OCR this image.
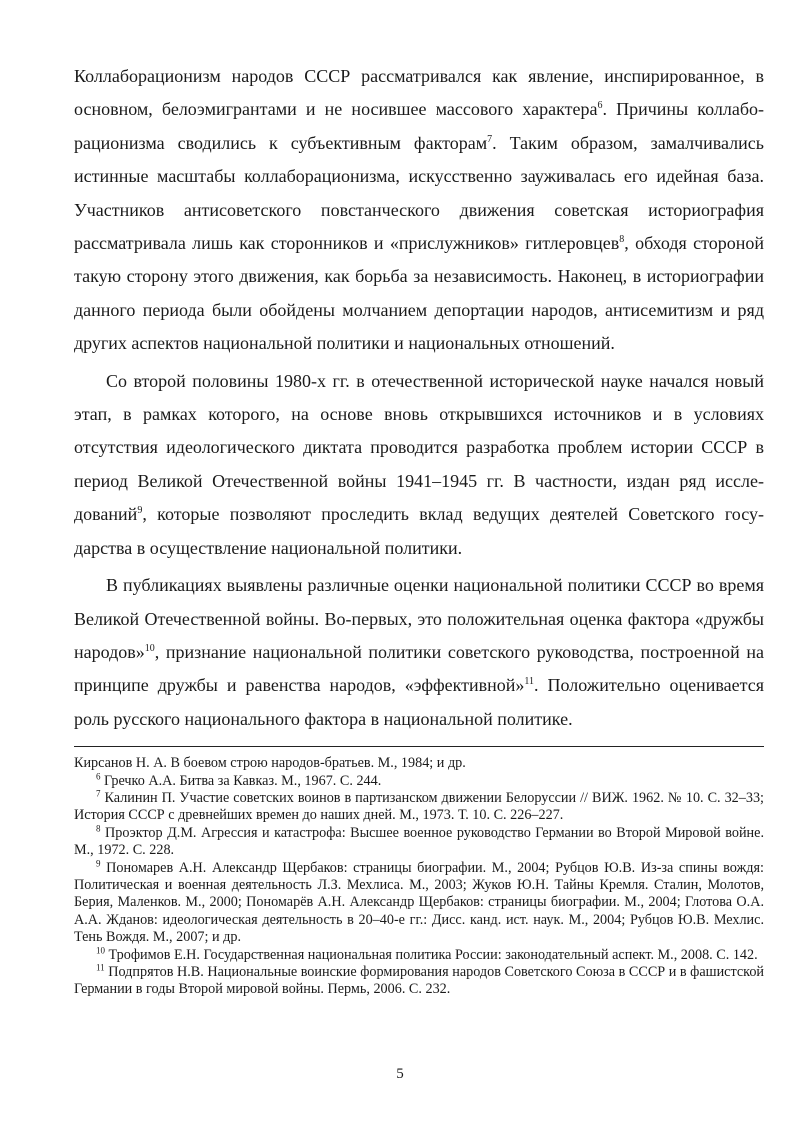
Коллаборационизм народов СССР рассматривался как явление, инспирированное, в основном, белоэмигрантами и не носившее массового характера$^6$. Причины коллаборационизма сводились к субъективным факторам$^7$. Таким образом, замалчивались истинные масштабы коллаборационизма, искусственно зауживалась его идейная база. Участников антисоветского повстанческого движения советская историография рассматривала лишь как сторонников и «прислужников» гитлеровцев$^8$, обходя стороной такую сторону этого движения, как борьба за независимость. Наконец, в историографии данного периода были обойдены молчанием депортации народов, антисемитизм и ряд других аспектов национальной политики и национальных отношений.

Со второй половины 1980-х гг. в отечественной исторической науке начался новый этап, в рамках которого, на основе вновь открывшихся источников и в условиях отсутствия идеологического диктата проводится разработка проблем истории СССР в период Великой Отечественной войны 1941–1945 гг. В частности, издан ряд исследований$^9$, которые позволяют проследить вклад ведущих деятелей Советского государства в осуществление национальной политики.

В публикациях выявлены различные оценки национальной политики СССР во время Великой Отечественной войны. Во-первых, это положительная оценка фактора «дружбы народов»$^{10}$, признание национальной политики советского руководства, построенной на принципе дружбы и равенства народов, «эффективной»$^{11}$. Положительно оценивается роль русского национального фактора в национальной политике.

Кирсанов Н. А. В боевом строю народов-братьев. М., 1984; и др.

$^6$ Гречко А.А. Битва за Кавказ. М., 1967. С. 244.

$^7$ Калинин П. Участие советских воинов в партизанском движении Белоруссии // ВИЖ. 1962. № 10. С. 32–33; История СССР с древнейших времен до наших дней. М., 1973. Т. 10. С. 226–227.

$^8$ Проэктор Д.М. Агрессия и катастрофа: Высшее военное руководство Германии во Второй Мировой войне. М., 1972. С. 228.

$^9$ Пономарев А.Н. Александр Щербаков: страницы биографии. М., 2004; Рубцов Ю.В. Из-за спины вождя: Политическая и военная деятельность Л.З. Мехлиса. М., 2003; Жуков Ю.Н. Тайны Кремля. Сталин, Молотов, Берия, Маленков. М., 2000; Пономарёв А.Н. Александр Щербаков: страницы биографии. М., 2004; Глотова О.А. А.А. Жданов: идеологическая деятельность в 20–40-е гг.: Дисс. канд. ист. наук. М., 2004; Рубцов Ю.В. Мехлис. Тень Вождя. М., 2007; и др.

$^{10}$ Трофимов Е.Н. Государственная национальная политика России: законодательный аспект. М., 2008. С. 142.

$^{11}$ Подпрятов Н.В. Национальные воинские формирования народов Советского Союза в СССР и в фашистской Германии в годы Второй мировой войны. Пермь, 2006. С. 232.

5
